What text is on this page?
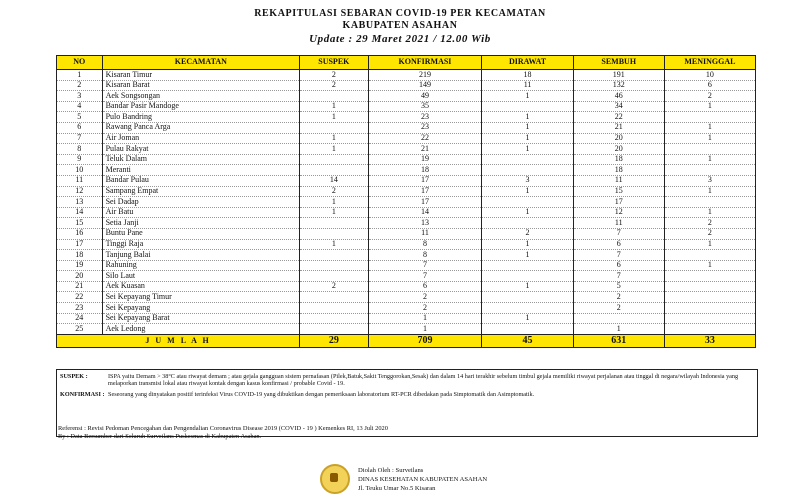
REKAPITULASI SEBARAN COVID-19 PER KECAMATAN
KABUPATEN ASAHAN
Update : 29 Maret 2021 / 12.00 Wib
NO	KECAMATAN	SUSPEK	KONFIRMASI	DIRAWAT	SEMBUH	MENINGGAL
1	Kisaran Timur	2	219	18	191	10
2	Kisaran Barat	2	149	11	132	6
3	Aek Songsongan		49	1	46	2
4	Bandar Pasir Mandoge	1	35		34	1
5	Pulo Bandring	1	23	1	22	
6	Rawang Panca Arga		23	1	21	1
7	Air Joman	1	22	1	20	1
8	Pulau Rakyat	1	21	1	20	
9	Teluk Dalam		19		18	1
10	Meranti		18		18	
11	Bandar Pulau	14	17	3	11	3
12	Sampang Empat	2	17	1	15	1
13	Sei Dadap	1	17		17	
14	Air Batu	1	14	1	12	1
15	Setia Janji		13		11	2
16	Buntu Pane		11	2	7	2
17	Tinggi Raja	1	8	1	6	1
18	Tanjung Balai		8	1	7	
19	Rahuning		7		6	1
20	Silo Laut		7		7	
21	Aek Kuasan	2	6	1	5	
22	Sei Kepayang Timur		2		2	
23	Sei Kepayang		2		2	
24	Sei Kepayang Barat		1	1		
25	Aek Ledong		1		1	
J U M L A H		29	709	45	631	33
SUSPEK :	ISPA yaitu Demam > 38°C atau riwayat demam ; atau gejala gangguan sistem pernafasan (Pilek,Batuk,Sakit Tenggorokan,Sesak) dan dalam 14 hari terakhir sebelum timbul gejala memiliki riwayat perjalanan atau tinggal di negara/wilayah Indonesia yang melaporkan transmisi lokal atau riwayat kontak dengan kasus konfirmasi / probable Covid - 19.
KONFIRMASI : Seseorang yang dinyatakan positif terinfeksi Virus COVID-19 yang dibuktikan dengan pemeriksaan laboratorium RT-PCR dibedakan pada Simptomatik dan Asimptomatik.
Referensi : Revisi Pedoman Pencegahan dan Pengendalian Coronavirus Disease 2019 (COVID - 19 ) Kemenkes RI, 13 Juli 2020
By : Data Bersumber dari Seluruh Surveilans Puskesmas di Kabupaten Asahan.
Diolah Oleh : Surveilans
DINAS KESEHATAN KABUPATEN ASAHAN
Jl. Teuku Umar No.5 Kisaran
